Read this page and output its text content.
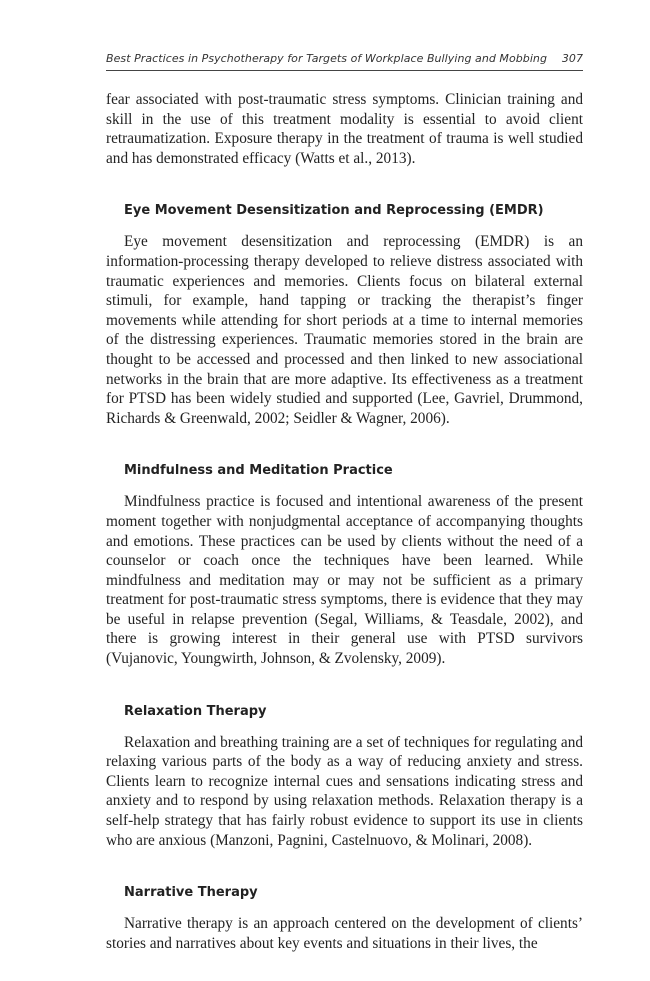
Best Practices in Psychotherapy for Targets of Workplace Bullying and Mobbing 307

fear associated with post-traumatic stress symptoms. Clinician training and skill in the use of this treatment modality is essential to avoid client retraumatization. Exposure therapy in the treatment of trauma is well studied and has demonstrated efficacy (Watts et al., 2013).

Eye Movement Desensitization and Reprocessing (EMDR)

Eye movement desensitization and reprocessing (EMDR) is an information-processing therapy developed to relieve distress associated with traumatic experiences and memories. Clients focus on bilateral external stimuli, for example, hand tapping or tracking the therapist’s finger movements while attending for short periods at a time to internal memories of the distressing experiences. Traumatic memories stored in the brain are thought to be accessed and processed and then linked to new associational networks in the brain that are more adaptive. Its effectiveness as a treatment for PTSD has been widely studied and supported (Lee, Gavriel, Drummond, Richards & Greenwald, 2002; Seidler & Wagner, 2006).

Mindfulness and Meditation Practice

Mindfulness practice is focused and intentional awareness of the present moment together with nonjudgmental acceptance of accompanying thoughts and emotions. These practices can be used by clients without the need of a counselor or coach once the techniques have been learned. While mindfulness and meditation may or may not be sufficient as a primary treatment for post-traumatic stress symptoms, there is evidence that they may be useful in relapse prevention (Segal, Williams, & Teasdale, 2002), and there is growing interest in their general use with PTSD survivors (Vujanovic, Youngwirth, Johnson, & Zvolensky, 2009).

Relaxation Therapy

Relaxation and breathing training are a set of techniques for regulating and relaxing various parts of the body as a way of reducing anxiety and stress. Clients learn to recognize internal cues and sensations indicating stress and anxiety and to respond by using relaxation methods. Relaxation therapy is a self-help strategy that has fairly robust evidence to support its use in clients who are anxious (Manzoni, Pagnini, Castelnuovo, & Molinari, 2008).

Narrative Therapy

Narrative therapy is an approach centered on the development of clients’ stories and narratives about key events and situations in their lives, the
